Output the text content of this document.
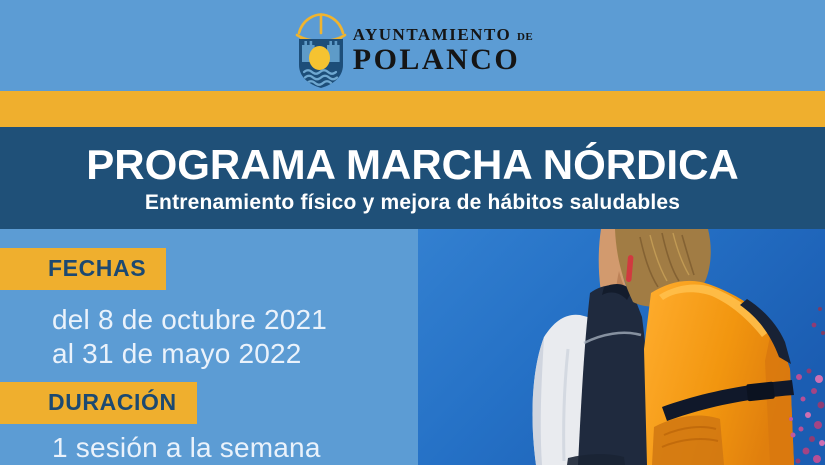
AYUNTAMIENTO DE
POLANCO
PROGRAMA MARCHA NÓRDICA
Entrenamiento físico y mejora de hábitos saludables
FECHAS

del 8 de octubre 2021

al 31 de mayo 2022

DURACIÓN

1 sesión a la semana
